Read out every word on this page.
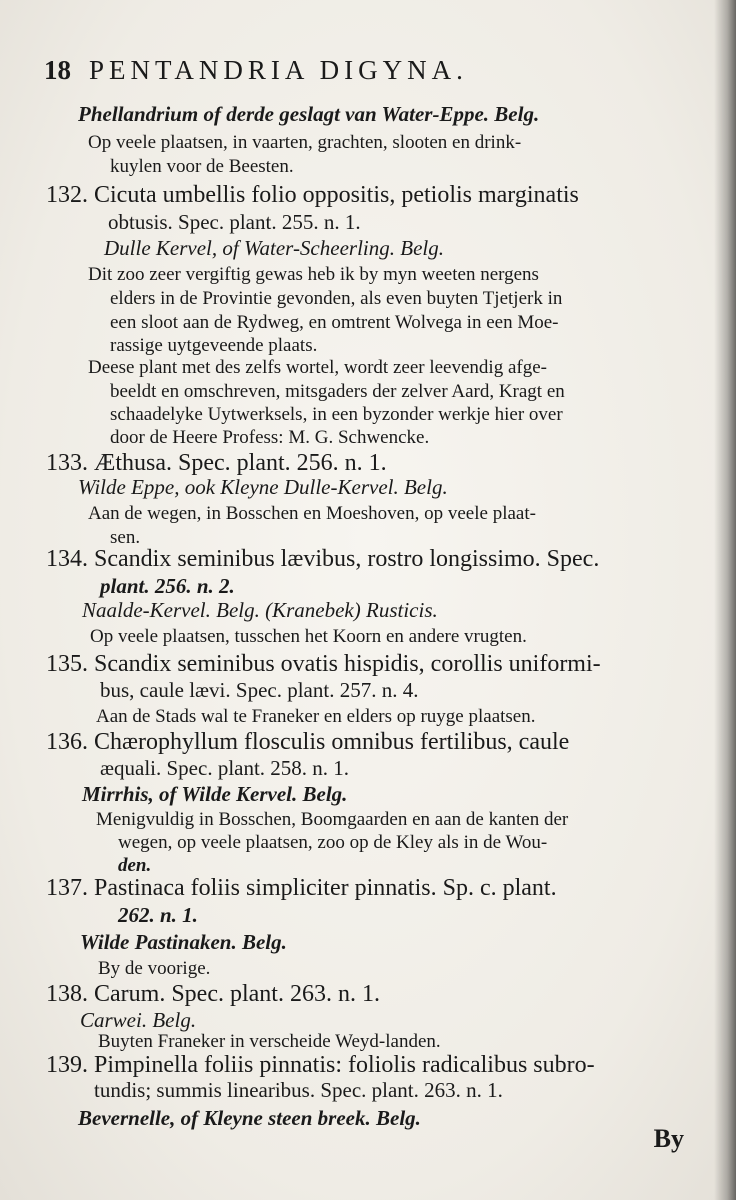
18 PENTANDRIA DIGYNA.
Phellandrium of derde geslagt van Water-Eppe. Belg.
Op veele plaatsen, in vaarten, grachten, slooten en drink-
kuylen voor de Beesten.
132. Cicuta umbellis folio oppositis, petiolis marginatis
obtusis. Spec. plant. 255. n. 1.
Dulle Kervel, of Water-Scheerling. Belg.
Dit zoo zeer vergiftig gewas heb ik by myn weeten nergens
elders in de Provintie gevonden, als even buyten Tjetjerk in
een sloot aan de Rydweg, en omtrent Wolvega in een Moe-
rassige uytgeveende plaats.
Deese plant met des zelfs wortel, wordt zeer leevendig afge-
beeldt en omschreven, mitsgaders der zelver Aard, Kragt en
schaadelyke Uytwerksels, in een byzonder werkje hier over
door de Heere Profess: M. G. Schwencke.
133. Æthusa. Spec. plant. 256. n. 1.
Wilde Eppe, ook Kleyne Dulle-Kervel. Belg.
Aan de wegen, in Bosschen en Moeshoven, op veele plaat-
sen.
134. Scandix seminibus lævibus, rostro longissimo. Spec.
plant. 256. n. 2.
Naalde-Kervel. Belg. (Kranebek) Rusticis.
Op veele plaatsen, tusschen het Koorn en andere vrugten.
135. Scandix seminibus ovatis hispidis, corollis uniformi-
bus, caule lævi. Spec. plant. 257. n. 4.
Aan de Stads wal te Franeker en elders op ruyge plaatsen.
136. Chærophyllum flosculis omnibus fertilibus, caule
æquali. Spec. plant. 258. n. 1.
Mirrhis, of Wilde Kervel. Belg.
Menigvuldig in Bosschen, Boomgaarden en aan de kanten der
wegen, op veele plaatsen, zoo op de Kley als in de Wou-
den.
137. Pastinaca foliis simpliciter pinnatis. Sp. c. plant.
262. n. 1.
Wilde Pastinaken. Belg.
By de voorige.
138. Carum. Spec. plant. 263. n. 1.
Carwei. Belg.
Buyten Franeker in verscheide Weyd-landen.
139. Pimpinella foliis pinnatis: foliolis radicalibus subro-
tundis; summis linearibus. Spec. plant. 263. n. 1.
Bevernelle, of Kleyne steen breek. Belg.
By
